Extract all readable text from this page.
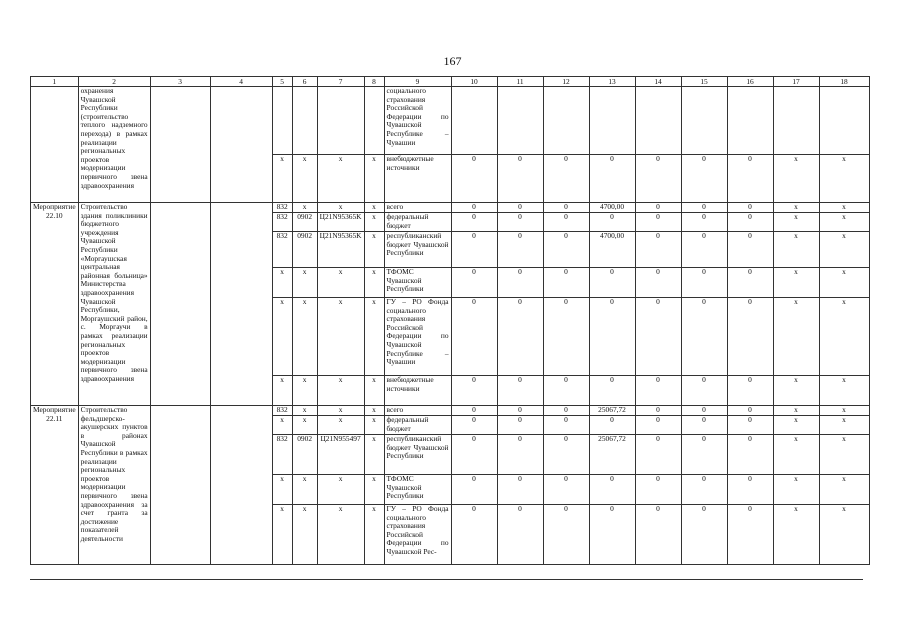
167
1	2	3	4	5	6	7	8	9	10	11	12	13	14	15	16	17	18
	охранения Чувашской Республики (строительство теплого надземного перехода) в рамках реализации региональных проектов модернизации первичного звена здравоохранения							социального страхования Российской Федерации по Чувашской Республике – Чувашии									
				x	x	x	x	внебюджетные источники	0	0	0	0	0	0	0	x	x
Мероприятие 22.10	Строительство здания поликлиники бюджетного учреждения Чувашской Республики «Моргаушская центральная районная больница» Министерства здравоохранения Чувашской Республики, Моргаушский район, с. Моргаучи в рамках реализации региональных проектов модернизации первичного звена здравоохранения			832	x	x	x	всего	0	0	0	4700,00	0	0	0	x	x
				832	0902	Ц21N95365K	x	федеральный бюджет	0	0	0	0	0	0	0	x	x
				832	0902	Ц21N95365K	x	республиканский бюджет Чувашской Республики	0	0	0	4700,00	0	0	0	x	x
				x	x	x	x	ТФОМС Чувашской Республики	0	0	0	0	0	0	0	x	x
				x	x	x	x	ГУ – РО Фонда социального страхования Российской Федерации по Чувашской Республике – Чувашии	0	0	0	0	0	0	0	x	x
				x	x	x	x	внебюджетные источники	0	0	0	0	0	0	0	x	x
Мероприятие 22.11	Строительство фельдшерско-акушерских пунктов в районах Чувашской Республики в рамках реализации региональных проектов модернизации первичного звена здравоохранения за счет гранта за достижение показателей деятельности			832	x	x	x	всего	0	0	0	25067,72	0	0	0	x	x
				x	x	x	x	федеральный бюджет	0	0	0	0	0	0	0	x	x
				832	0902	Ц21N955497	x	республиканский бюджет Чувашской Республики	0	0	0	25067,72	0	0	0	x	x
				x	x	x	x	ТФОМС Чувашской Республики	0	0	0	0	0	0	0	x	x
				x	x	x	x	ГУ – РО Фонда социального страхования Российской Федерации по Чувашской Рес-	0	0	0	0	0	0	0	x	x
